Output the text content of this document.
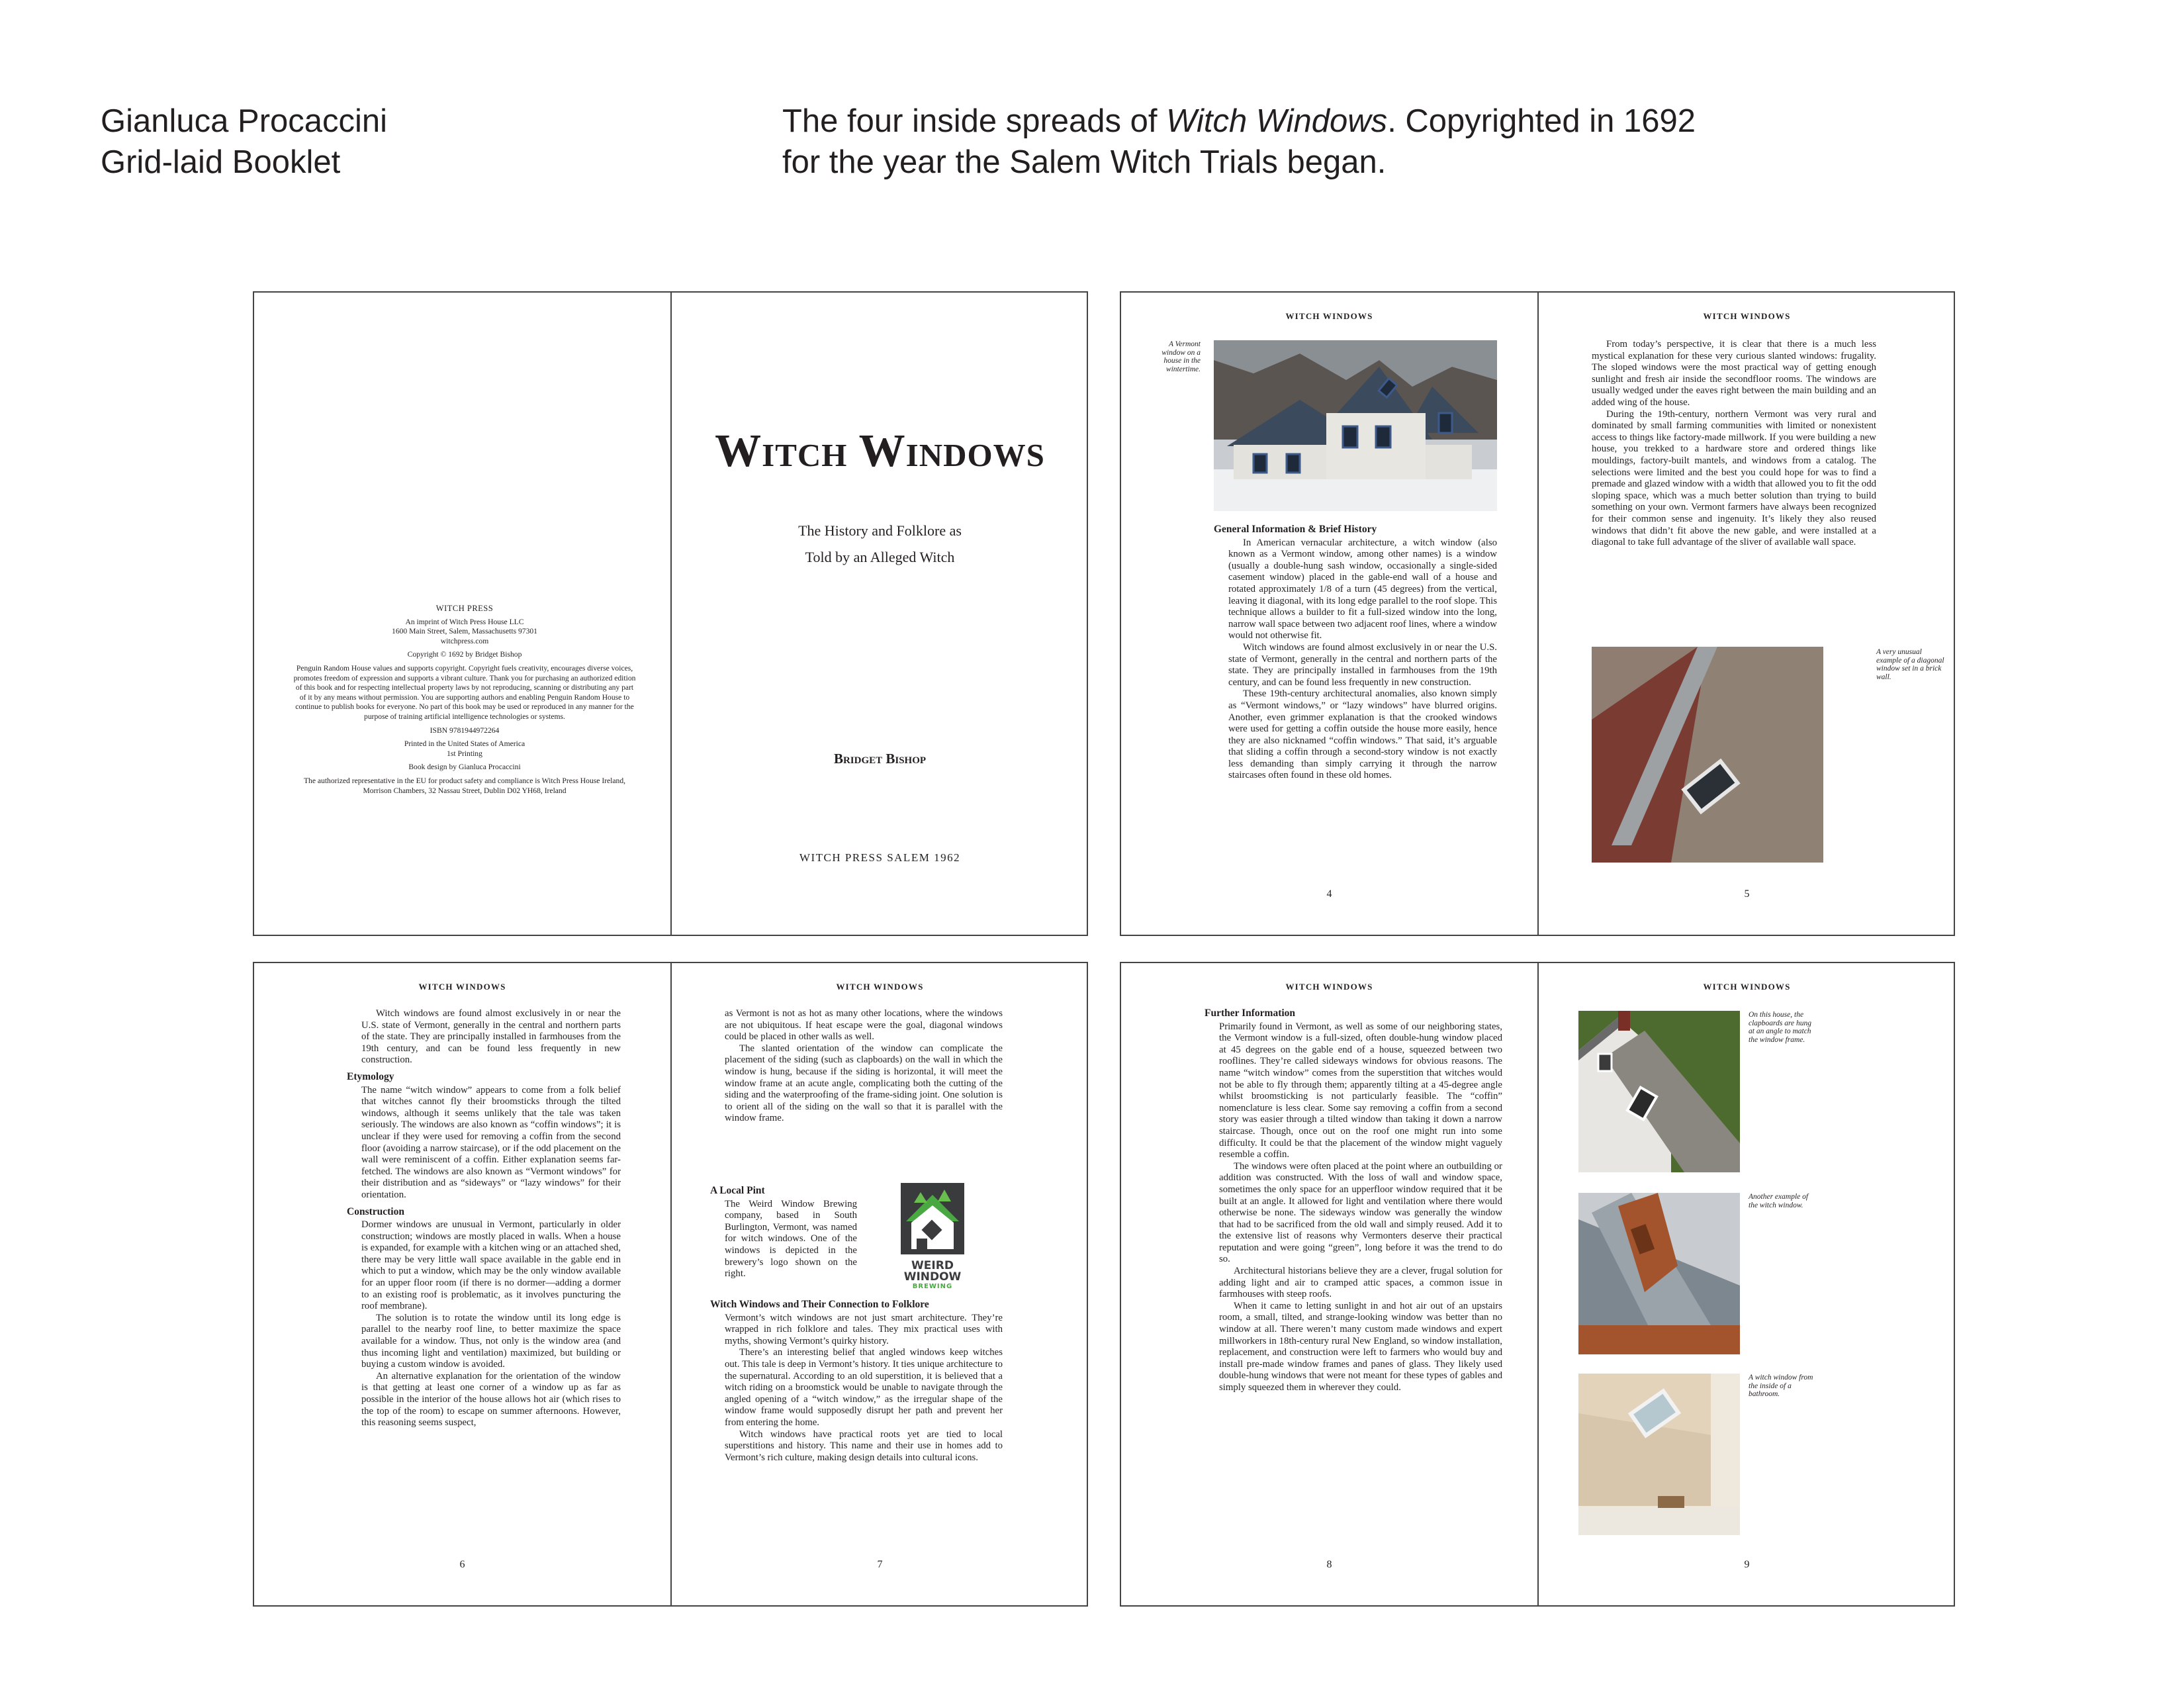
Gianluca Procaccini
Grid-laid Booklet
The four inside spreads of Witch Windows. Copyrighted in 1692 for the year the Salem Witch Trials began.
WITCH PRESS
An imprint of Witch Press House LLC
1600 Main Street, Salem, Massachusetts 97301
witchpress.com
Copyright © 1692 by Bridget Bishop
Penguin Random House values and supports copyright. Copyright fuels creativity, encourages diverse voices, promotes freedom of expression and supports a vibrant culture. Thank you for purchasing an authorized edition of this book and for respecting intellectual property laws by not reproducing, scanning or distributing any part of it by any means without permission. You are supporting authors and enabling Penguin Random House to continue to publish books for everyone. No part of this book may be used or reproduced in any manner for the purpose of training artificial intelligence technologies or systems.
ISBN 9781944972264
Printed in the United States of America
1st Printing
Book design by Gianluca Procaccini
The authorized representative in the EU for product safety and compliance is Witch Press House Ireland, Morrison Chambers, 32 Nassau Street, Dublin D02 YH68, Ireland
Witch Windows
The History and Folklore as
Told by an Alleged Witch
Bridget Bishop
WITCH PRESS SALEM 1962
WITCH WINDOWS
A Vermont window on a house in the wintertime.
General Information & Brief History

In American vernacular architecture, a witch window (also known as a Vermont window, among other names) is a window (usually a double-hung sash window, occasionally a single-sided casement window) placed in the gable-end wall of a house and rotated approximately 1/8 of a turn (45 degrees) from the vertical, leaving it diagonal, with its long edge parallel to the roof slope. This technique allows a builder to fit a full-sized window into the long, narrow wall space between two adjacent roof lines, where a window would not otherwise fit.

Witch windows are found almost exclusively in or near the U.S. state of Vermont, generally in the central and northern parts of the state. They are principally installed in farmhouses from the 19th century, and can be found less frequently in new construction.

These 19th-century architectural anomalies, also known simply as “Vermont windows,” or “lazy windows” have blurred origins. Another, even grimmer explanation is that the crooked windows were used for getting a coffin outside the house more easily, hence they are also nicknamed “coffin windows.” That said, it’s arguable that sliding a coffin through a second-story window is not exactly less demanding than simply carrying it through the narrow staircases often found in these old homes.

4
WITCH WINDOWS

From today’s perspective, it is clear that there is a much less mystical explanation for these very curious slanted windows: frugality. The sloped windows were the most practical way of getting enough sunlight and fresh air inside the secondfloor rooms. The windows are usually wedged under the eaves right between the main building and an added wing of the house.

During the 19th-century, northern Vermont was very rural and dominated by small farming communities with limited or nonexistent access to things like factory-made millwork. If you were building a new house, you trekked to a hardware store and ordered things like mouldings, factory-built mantels, and windows from a catalog. The selections were limited and the best you could hope for was to find a premade and glazed window with a width that allowed you to fit the odd sloping space, which was a much better solution than trying to build something on your own. Vermont farmers have always been recognized for their common sense and ingenuity. It’s likely they also reused windows that didn’t fit above the new gable, and were installed at a diagonal to take full advantage of the sliver of available wall space.

A very unusual example of a diagonal window set in a brick wall.
5
WITCH WINDOWS

Witch windows are found almost exclusively in or near the U.S. state of Vermont, generally in the central and northern parts of the state. They are principally installed in farmhouses from the 19th century, and can be found less frequently in new construction.

Etymology

The name “witch window” appears to come from a folk belief that witches cannot fly their broomsticks through the tilted windows, although it seems unlikely that the tale was taken seriously. The windows are also known as “coffin windows”; it is unclear if they were used for removing a coffin from the second floor (avoiding a narrow staircase), or if the odd placement on the wall were reminiscent of a coffin. Either explanation seems far-fetched. The windows are also known as “Vermont windows” for their distribution and as “sideways” or “lazy windows” for their orientation.

Construction

Dormer windows are unusual in Vermont, particularly in older construction; windows are mostly placed in walls. When a house is expanded, for example with a kitchen wing or an attached shed, there may be very little wall space available in the gable end in which to put a window, which may be the only window available for an upper floor room (if there is no dormer—adding a dormer to an existing roof is problematic, as it involves puncturing the roof membrane).

The solution is to rotate the window until its long edge is parallel to the nearby roof line, to better maximize the space available for a window. Thus, not only is the window area (and thus incoming light and ventilation) maximized, but building or buying a custom window is avoided.

An alternative explanation for the orientation of the window is that getting at least one corner of a window up as far as possible in the interior of the house allows hot air (which rises to the top of the room) to escape on summer afternoons. However, this reasoning seems suspect,

6
WITCH WINDOWS

as Vermont is not as hot as many other locations, where the windows are not ubiquitous. If heat escape were the goal, diagonal windows could be placed in other walls as well.

The slanted orientation of the window can complicate the placement of the siding (such as clapboards) on the wall in which the window is hung, because if the siding is horizontal, it will meet the window frame at an acute angle, complicating both the cutting of the siding and the waterproofing of the frame-siding joint. One solution is to orient all of the siding on the wall so that it is parallel with the window frame.

A Local Pint

The Weird Window Brewing company, based in South Burlington, Vermont, was named for witch windows. One of the windows is depicted in the brewery’s logo shown on the right.

WEIRD
WINDOW
BREWING
Witch Windows and Their Connection to Folklore

Vermont’s witch windows are not just smart architecture. They’re wrapped in rich folklore and tales. They mix practical uses with myths, showing Vermont’s quirky history.

There’s an interesting belief that angled windows keep witches out. This tale is deep in Vermont’s history. It ties unique architecture to the supernatural. According to an old superstition, it is believed that a witch riding on a broomstick would be unable to navigate through the angled opening of a “witch window,” as the irregular shape of the window frame would supposedly disrupt her path and prevent her from entering the home.

Witch windows have practical roots yet are tied to local superstitions and history. This name and their use in homes add to Vermont’s rich culture, making design details into cultural icons.

7
WITCH WINDOWS
Further Information

Primarily found in Vermont, as well as some of our neighboring states, the Vermont window is a full-sized, often double-hung window placed at 45 degrees on the gable end of a house, squeezed between two rooflines. They’re called sideways windows for obvious reasons. The name “witch window” comes from the superstition that witches would not be able to fly through them; apparently tilting at a 45-degree angle whilst broomsticking is not particularly feasible. The “coffin” nomenclature is less clear. Some say removing a coffin from a second story was easier through a tilted window than taking it down a narrow staircase. Though, once out on the roof one might run into some difficulty. It could be that the placement of the window might vaguely resemble a coffin.

The windows were often placed at the point where an outbuilding or addition was constructed. With the loss of wall and window space, sometimes the only space for an upperfloor window required that it be built at an angle. It allowed for light and ventilation where there would otherwise be none. The sideways window was generally the window that had to be sacrificed from the old wall and simply reused. Add it to the extensive list of reasons why Vermonters deserve their practical reputation and were going “green”, long before it was the trend to do so.

Architectural historians believe they are a clever, frugal solution for adding light and air to cramped attic spaces, a common issue in farmhouses with steep roofs.

When it came to letting sunlight in and hot air out of an upstairs room, a small, tilted, and strange-looking window was better than no window at all. There weren’t many custom made windows and expert millworkers in 18th-century rural New England, so window installation, replacement, and construction were left to farmers who would buy and install pre-made window frames and panes of glass. They likely used double-hung windows that were not meant for these types of gables and simply squeezed them in wherever they could.

8
WITCH WINDOWS
On this house, the clapboards are hung at an angle to match the window frame.
Another example of the witch window.
A witch window from the inside of a bathroom.
9
